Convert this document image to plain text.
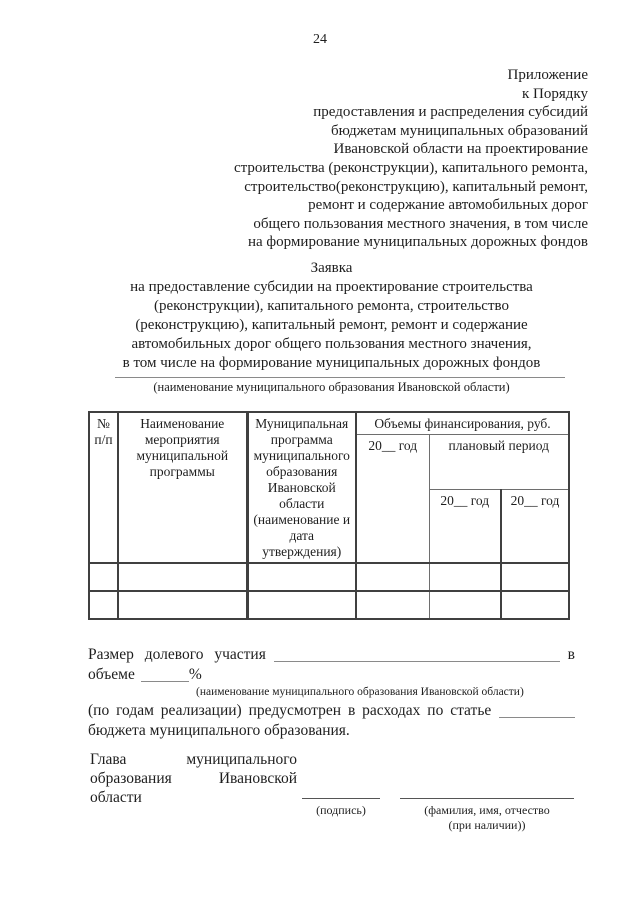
24
Приложение
к Порядку
предоставления и распределения субсидий
бюджетам муниципальных образований
Ивановской области на проектирование
строительства (реконструкции), капитального ремонта,
строительство(реконструкцию), капитальный ремонт,
ремонт и содержание автомобильных дорог
общего пользования местного значения, в том числе
на формирование муниципальных дорожных фондов
Заявка
на предоставление субсидии на проектирование строительства
(реконструкции), капитального ремонта, строительство
(реконструкцию), капитальный ремонт, ремонт и содержание
автомобильных дорог общего пользования местного значения,
в том числе на формирование муниципальных дорожных фондов
(наименование муниципального образования Ивановской области)
№ п/п	Наименование мероприятия муниципальной программы	Муниципальная программа муниципального образования Ивановской области (наименование и дата утверждения)	Объемы финансирования, руб.		
			20__ год	плановый период	
				20__ год	20__ год

Размер долевого участия	в
объеме	%
(наименование муниципального образования Ивановской области)
(по годам реализации) предусмотрен в расходах по статье
бюджета муниципального образования.
Глава	муниципального
образования	Ивановской
области
(подпись)	(фамилия, имя, отчество
(при наличии))
